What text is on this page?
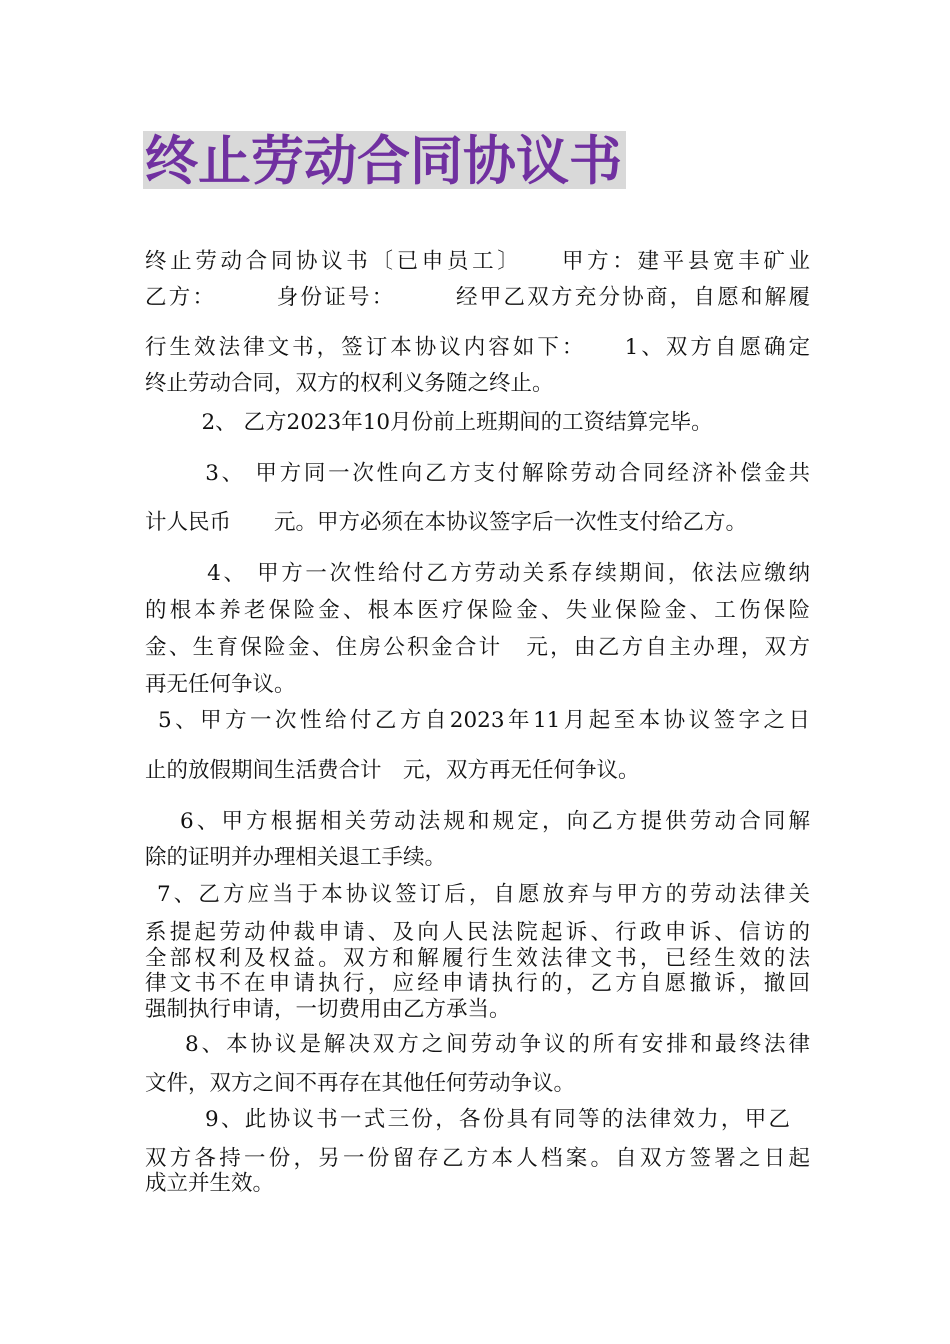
终止劳动合同协议书
终止劳动合同协议书〔已申员工〕　　甲方：建平县宽丰矿业
乙方：　　　身份证号：　　　经甲乙双方充分协商，自愿和解履
行生效法律文书，签订本协议内容如下：　　1、双方自愿确定
终止劳动合同，双方的权利义务随之终止。
　2、 乙方2023年10月份前上班期间的工资结算完毕。
　3、 甲方同一次性向乙方支付解除劳动合同经济补偿金共
计人民币　　元。甲方必须在本协议签字后一次性支付给乙方。
　4、 甲方一次性给付乙方劳动关系存续期间，依法应缴纳
的根本养老保险金、根本医疗保险金、失业保险金、工伤保险
金、生育保险金、住房公积金合计　元，由乙方自主办理，双方
再无任何争议。
5、甲方一次性给付乙方自2023年11月起至本协议签字之日
止的放假期间生活费合计　元，双方再无任何争议。
6、甲方根据相关劳动法规和规定，向乙方提供劳动合同解
除的证明并办理相关退工手续。
7、乙方应当于本协议签订后，自愿放弃与甲方的劳动法律关
系提起劳动仲裁申请、及向人民法院起诉、行政申诉、信访的
全部权利及权益。双方和解履行生效法律文书，已经生效的法
律文书不在申请执行，应经申请执行的，乙方自愿撤诉，撤回
强制执行申请，一切费用由乙方承当。
8、本协议是解决双方之间劳动争议的所有安排和最终法律
文件，双方之间不再存在其他任何劳动争议。
9、此协议书一式三份，各份具有同等的法律效力，甲乙
双方各持一份，另一份留存乙方本人档案。自双方签署之日起
成立并生效。
